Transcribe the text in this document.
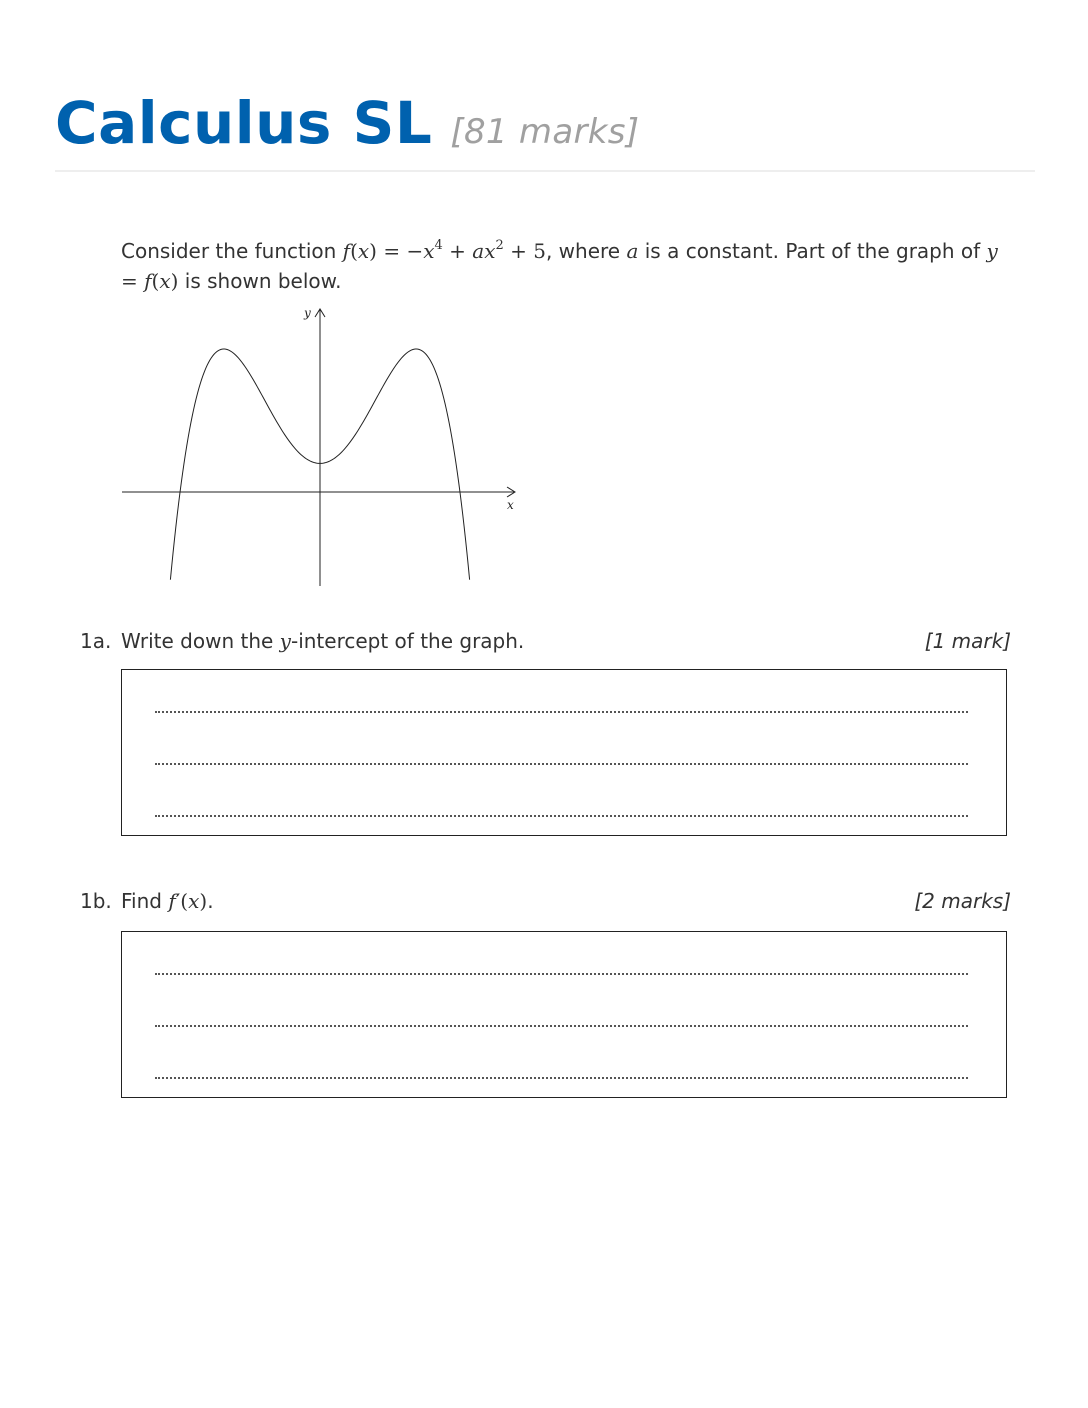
Calculus SL [81 marks]
Consider the function $f(x) = -x^4 + ax^2 + 5$, where a is a constant. Part of the graph of y = f(x) is shown below.
x
y
1a. Write down the y-intercept of the graph.	[1 mark]
1b. Find f′(x).	[2 marks]
